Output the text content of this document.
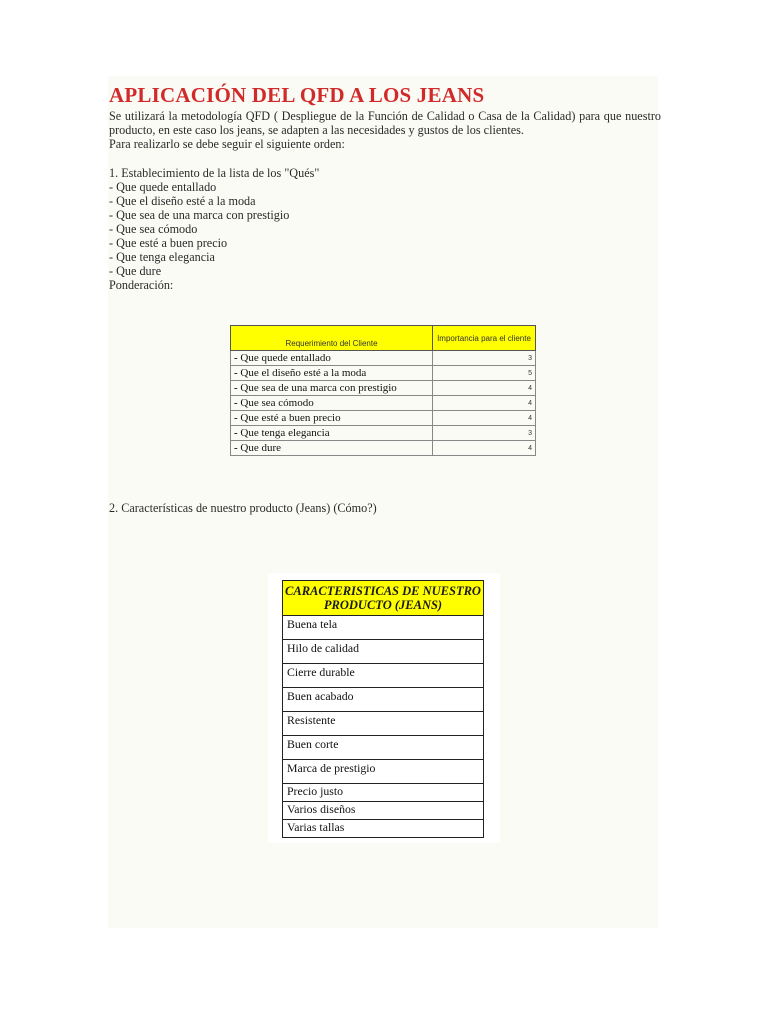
APLICACIÓN DEL QFD A LOS JEANS

Se utilizará la metodología QFD ( Despliegue de la Función de Calidad o Casa de la Calidad) para que nuestro producto, en este caso los jeans, se adapten a las necesidades y gustos de los clientes.

Para realizarlo se debe seguir el siguiente orden:

1. Establecimiento de la lista de los "Qués"
- Que quede entallado
- Que el diseño esté a la moda
- Que sea de una marca con prestigio
- Que sea cómodo
- Que esté a buen precio
- Que tenga elegancia
- Que dure

Ponderación:

Requerimiento del Cliente	Importancia para el cliente
- Que quede entallado	3
- Que el diseño esté a la moda	5
- Que sea de una marca con prestigio	4
- Que sea cómodo	4
- Que esté a buen precio	4
- Que tenga elegancia	3
- Que dure	4

2. Características de nuestro producto (Jeans) (Cómo?)

CARACTERISTICAS DE NUESTRO PRODUCTO (JEANS)
Buena tela
Hilo de calidad
Cierre durable
Buen acabado
Resistente
Buen corte
Marca de prestigio
Precio justo
Varios diseños
Varias tallas
